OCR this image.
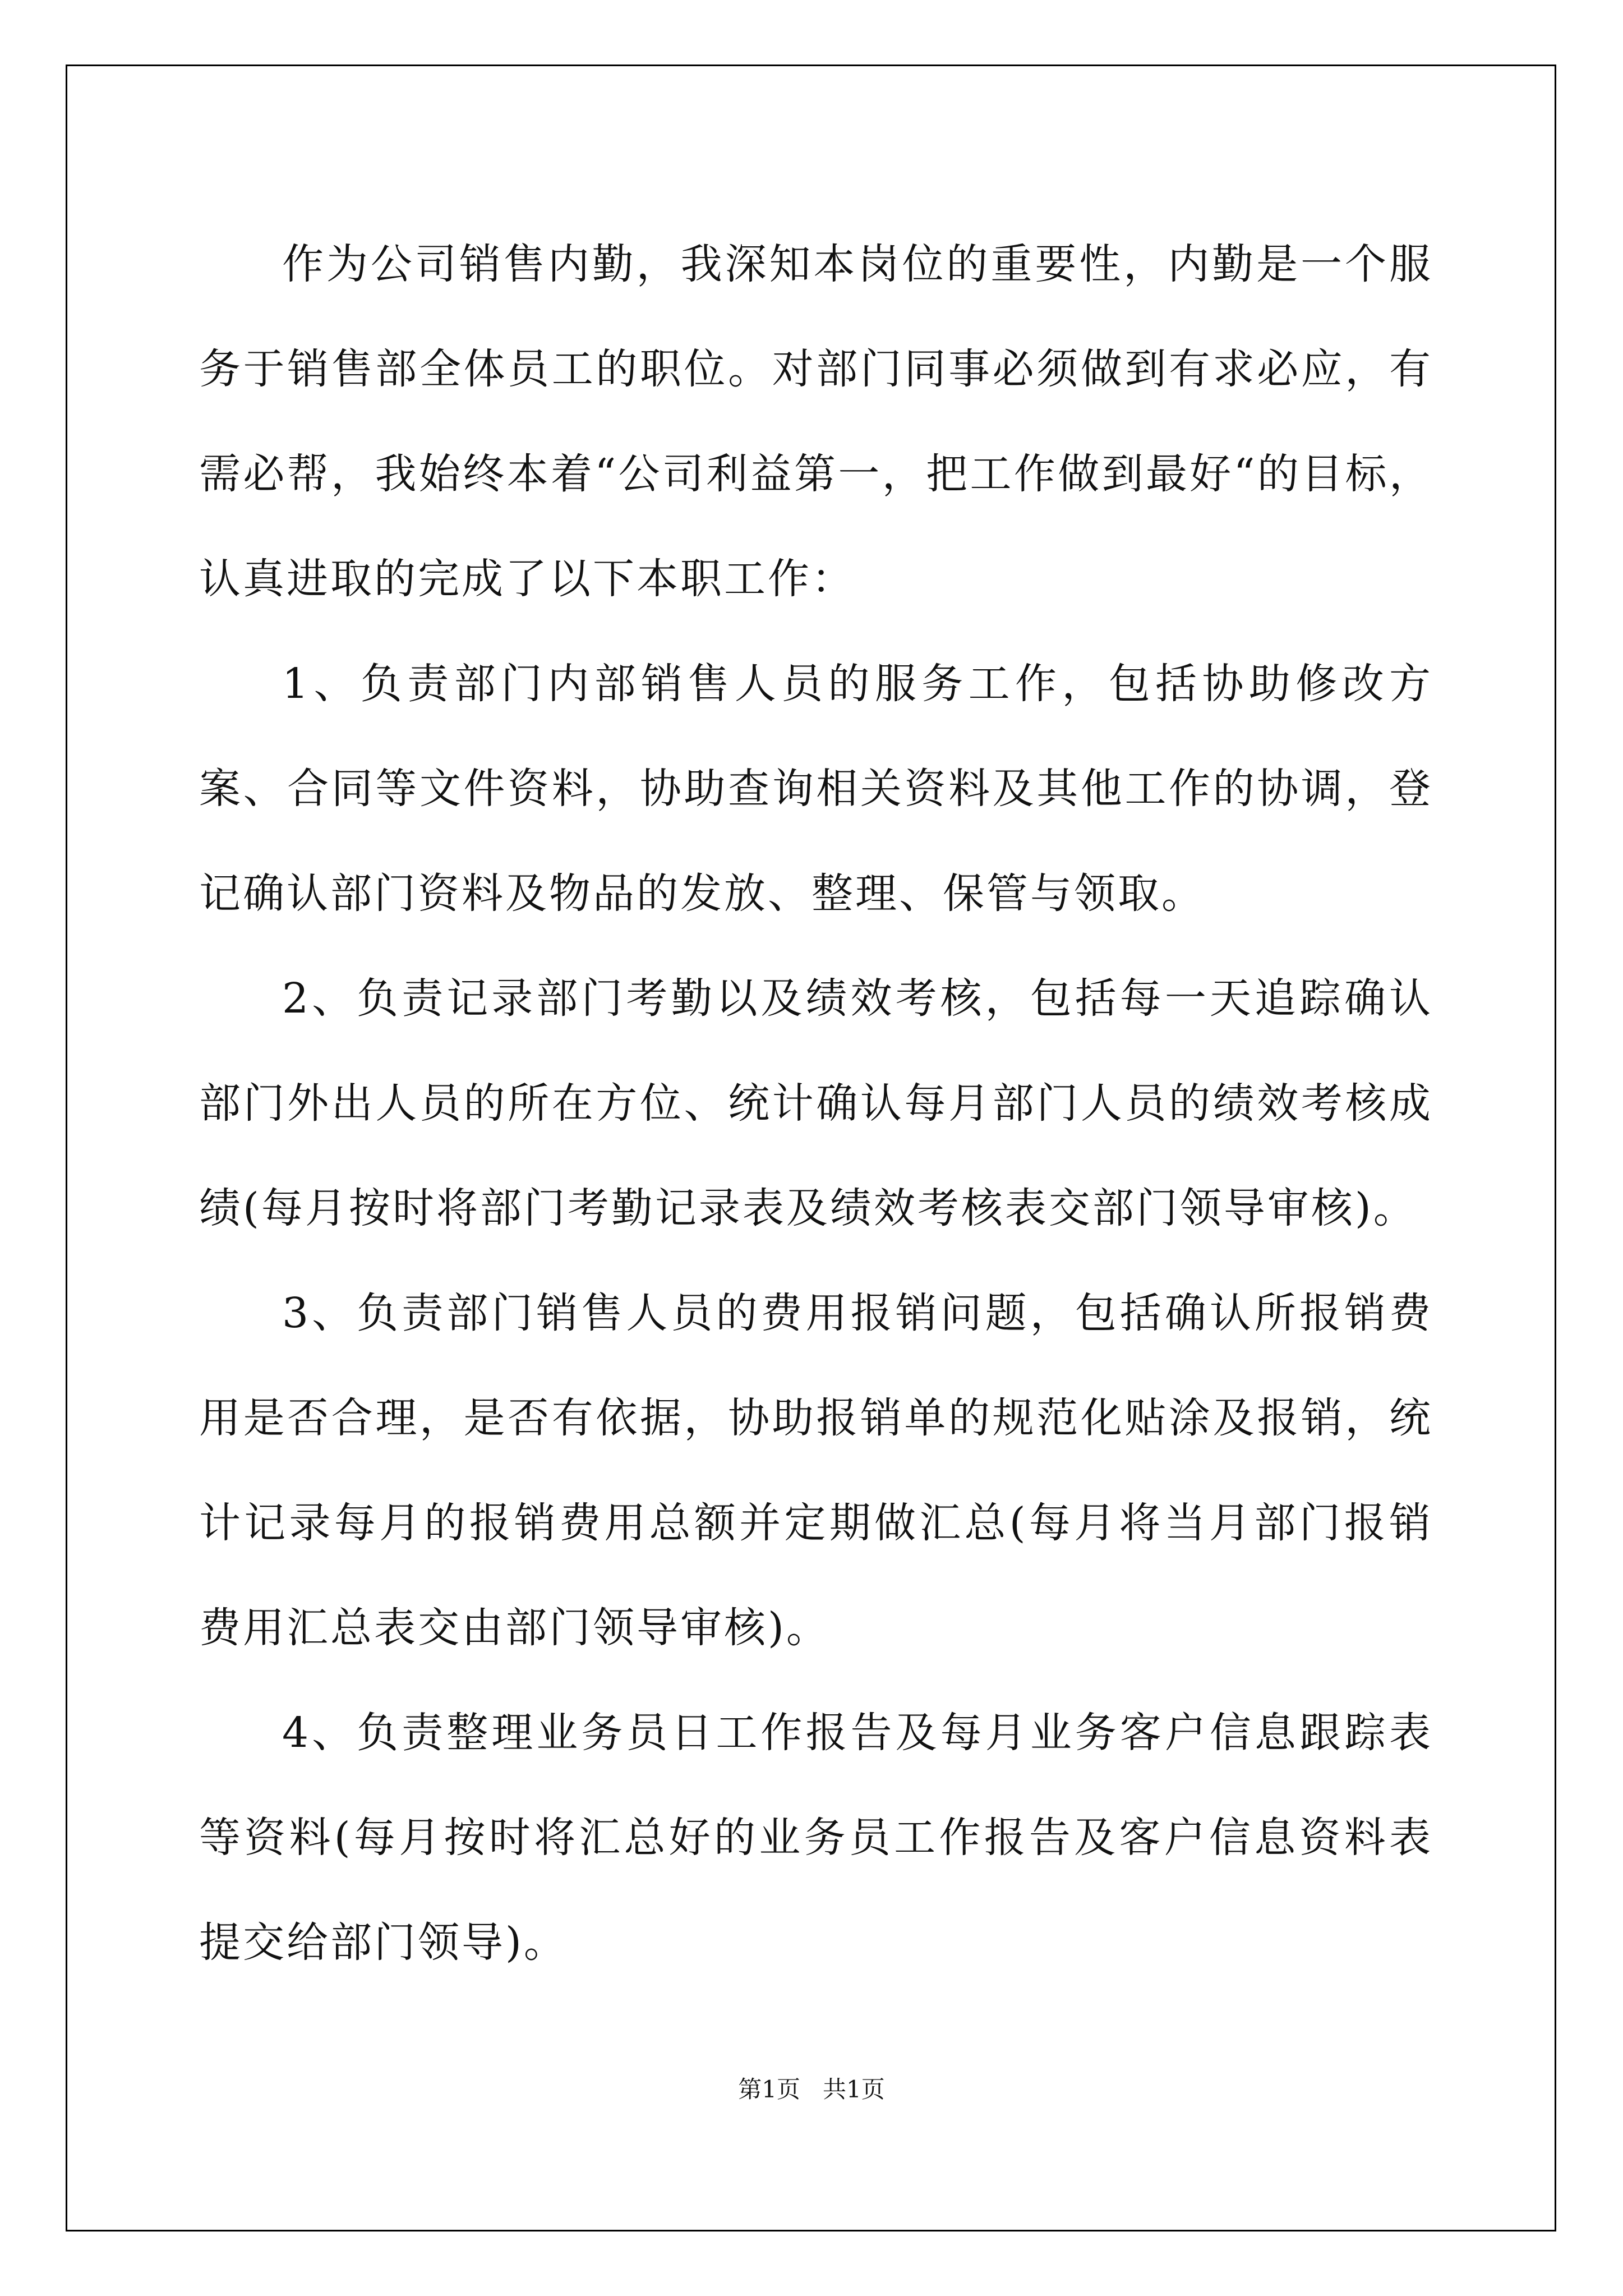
作为公司销售内勤，我深知本岗位的重要性，内勤是一个服务于销售部全体员工的职位。对部门同事必须做到有求必应，有需必帮，我始终本着“公司利益第一，把工作做到最好“的目标，认真进取的完成了以下本职工作：

1、负责部门内部销售人员的服务工作，包括协助修改方案、合同等文件资料，协助查询相关资料及其他工作的协调，登记确认部门资料及物品的发放、整理、保管与领取。

2、负责记录部门考勤以及绩效考核，包括每一天追踪确认部门外出人员的所在方位、统计确认每月部门人员的绩效考核成绩(每月按时将部门考勤记录表及绩效考核表交部门领导审核)。

3、负责部门销售人员的费用报销问题，包括确认所报销费用是否合理，是否有依据，协助报销单的规范化贴涂及报销，统计记录每月的报销费用总额并定期做汇总(每月将当月部门报销费用汇总表交由部门领导审核)。

4、负责整理业务员日工作报告及每月业务客户信息跟踪表等资料(每月按时将汇总好的业务员工作报告及客户信息资料表提交给部门领导)。

第1页 共1页
